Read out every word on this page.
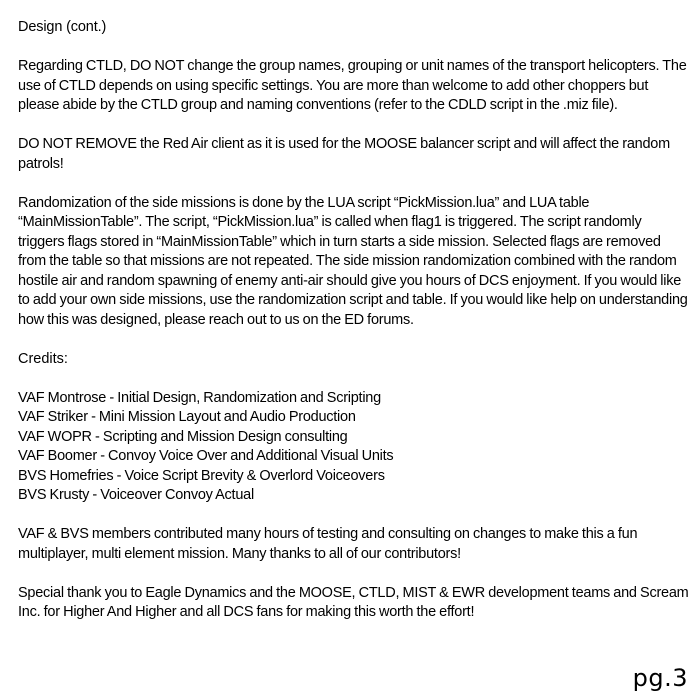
Design (cont.)

Regarding CTLD, DO NOT change the group names, grouping or unit names of the transport helicopters. The use of CTLD depends on using specific settings. You are more than welcome to add other choppers but please abide by the CTLD group and naming conventions (refer to the CDLD script in the .miz file).

DO NOT REMOVE the Red Air client as it is used for the MOOSE balancer script and will affect the random patrols!

Randomization of the side missions is done by the LUA script “PickMission.lua” and LUA table “MainMissionTable”. The script, “PickMission.lua” is called when flag1 is triggered. The script randomly triggers flags stored in “MainMissionTable” which in turn starts a side mission. Selected flags are removed from the table so that missions are not repeated. The side mission randomization combined with the random hostile air and random spawning of enemy anti-air should give you hours of DCS enjoyment. If you would like to add your own side missions, use the randomization script and table. If you would like help on understanding how this was designed, please reach out to us on the ED forums.

Credits:
VAF Montrose - Initial Design, Randomization and Scripting
VAF Striker - Mini Mission Layout and Audio Production
VAF WOPR - Scripting and Mission Design consulting
VAF Boomer - Convoy Voice Over and Additional Visual Units
BVS Homefries - Voice Script Brevity & Overlord Voiceovers
BVS Krusty - Voiceover Convoy Actual

VAF & BVS members contributed many hours of testing and consulting on changes to make this a fun multiplayer, multi element mission. Many thanks to all of our contributors!

Special thank you to Eagle Dynamics and the MOOSE, CTLD, MIST & EWR development teams and Scream Inc. for Higher And Higher and all DCS fans for making this worth the effort!

pg.3
